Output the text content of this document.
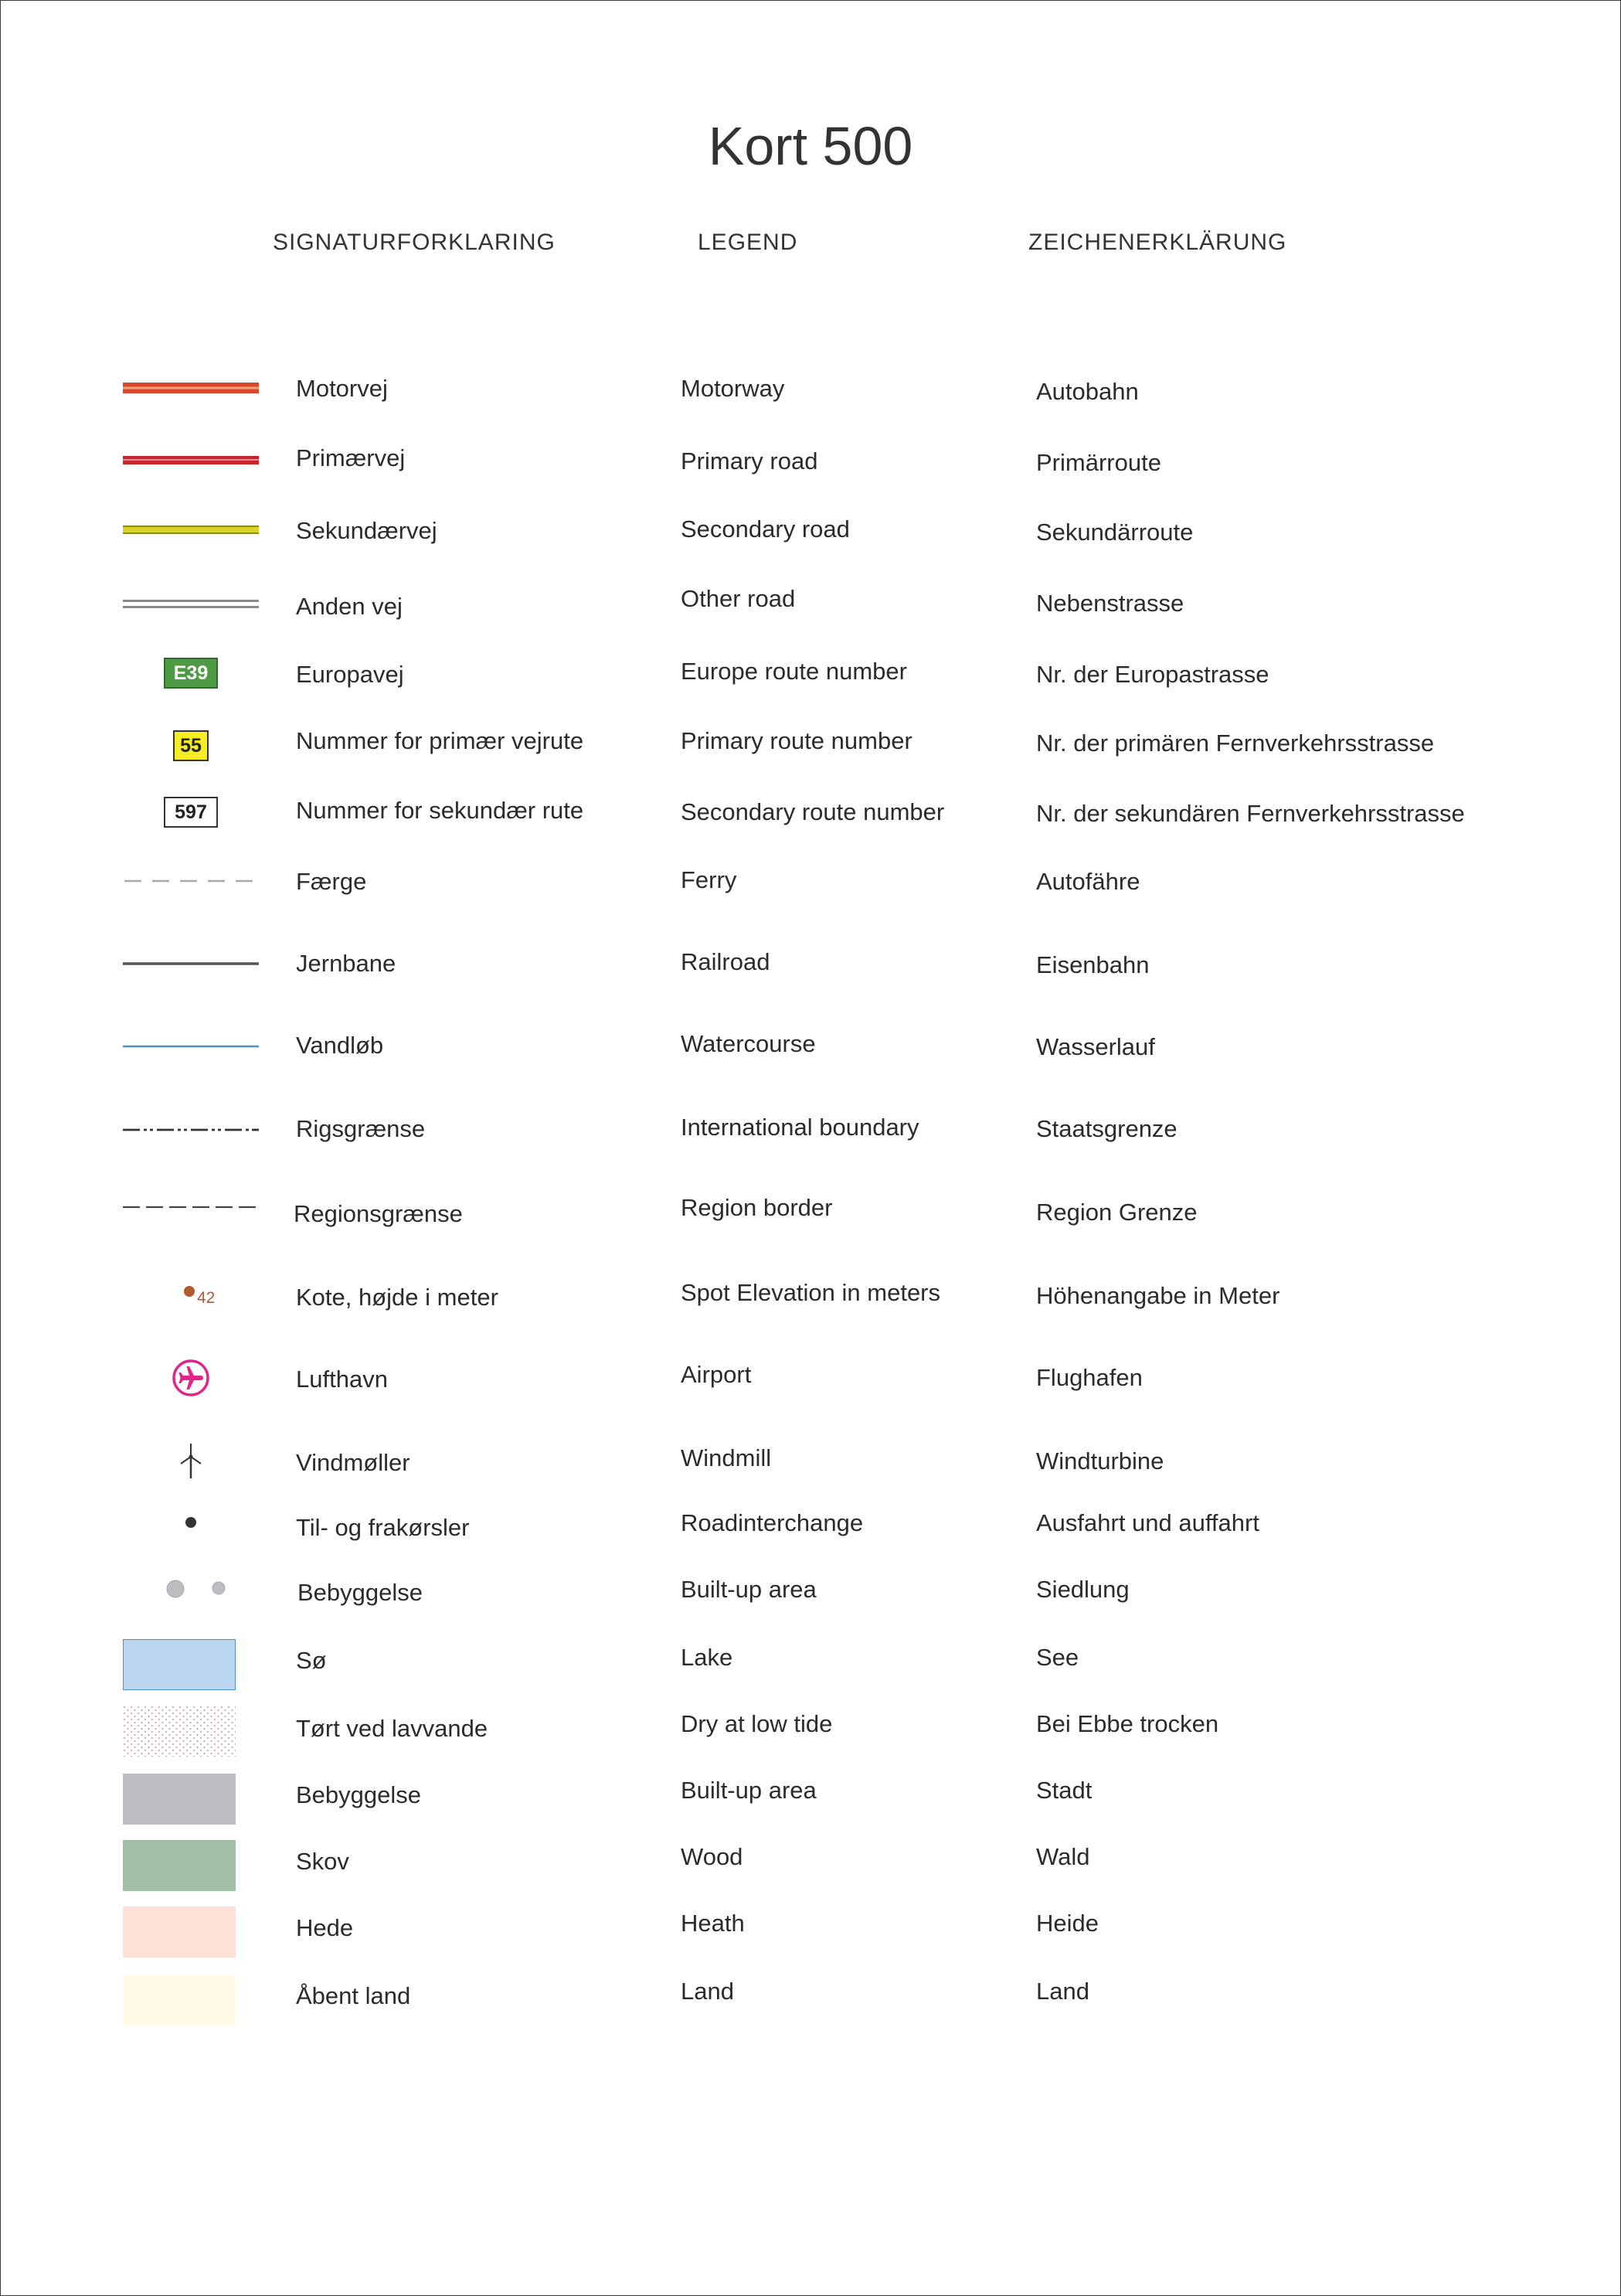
Kort 500
SIGNATURFORKLARING	LEGEND	ZEICHENERKLÄRUNG
Motorvej	Motorway	Autobahn
Primærvej	Primary road	Primärroute
Sekundærvej	Secondary road	Sekundärroute
Anden vej	Other road	Nebenstrasse
E39	Europavej	Europe route number	Nr. der Europastrasse
55	Nummer for primær vejrute	Primary route number	Nr. der primären Fernverkehrsstrasse
597	Nummer for sekundær rute	Secondary route number	Nr. der sekundären Fernverkehrsstrasse
Færge	Ferry	Autofähre
Jernbane	Railroad	Eisenbahn
Vandløb	Watercourse	Wasserlauf
Rigsgrænse	International boundary	Staatsgrenze
Regionsgrænse	Region border	Region Grenze
42	Kote, højde i meter	Spot Elevation in meters	Höhenangabe in Meter
Lufthavn	Airport	Flughafen
Vindmøller	Windmill	Windturbine
Til- og frakørsler	Roadinterchange	Ausfahrt und auffahrt
Bebyggelse	Built-up area	Siedlung
Sø	Lake	See
Tørt ved lavvande	Dry at low tide	Bei Ebbe trocken
Bebyggelse	Built-up area	Stadt
Skov	Wood	Wald
Hede	Heath	Heide
Åbent land	Land	Land
